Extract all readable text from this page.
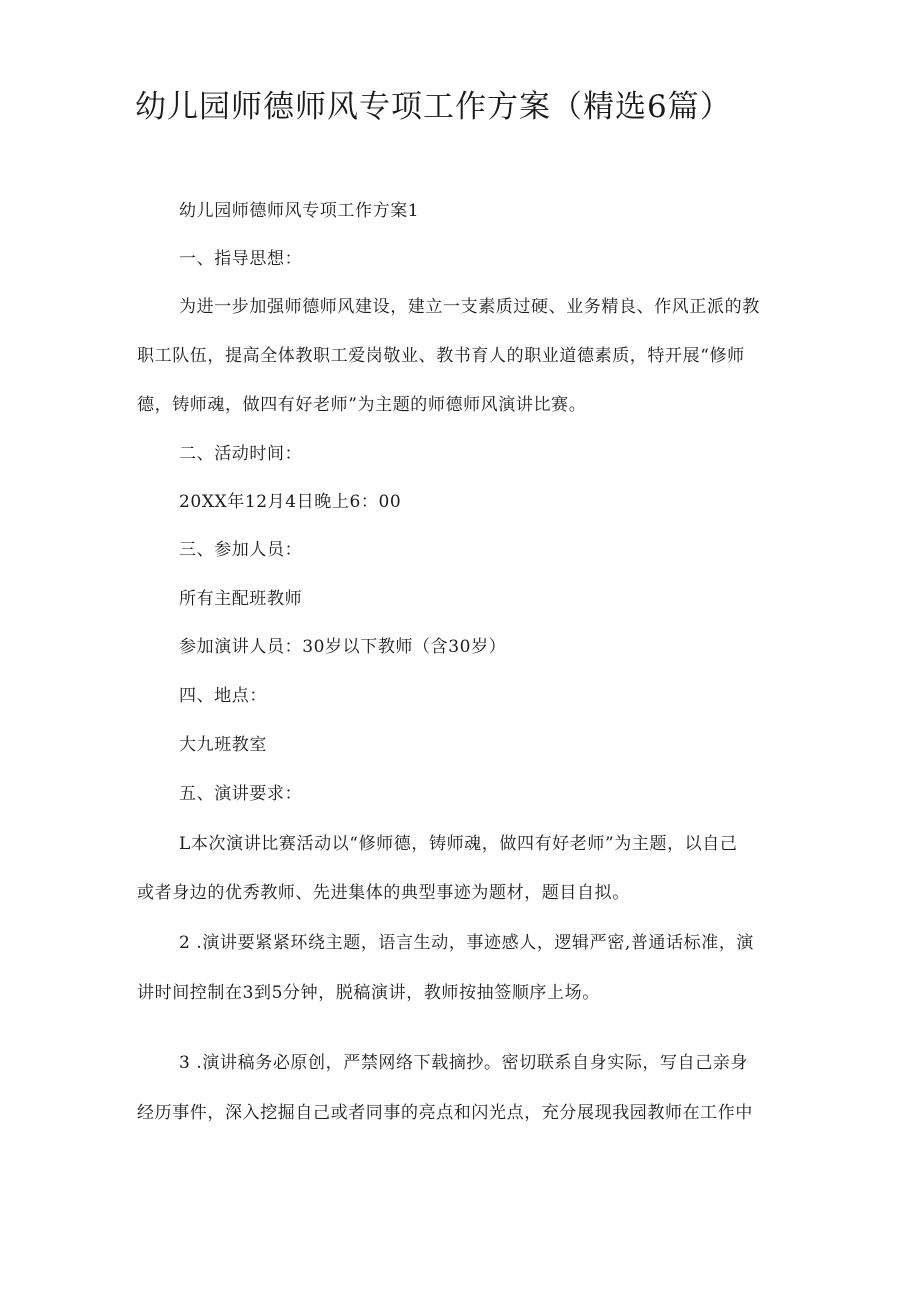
幼儿园师德师风专项工作方案（精选6篇）

幼儿园师德师风专项工作方案1

一、指导思想：

为进一步加强师德师风建设，建立一支素质过硬、业务精良、作风正派的教

职工队伍，提高全体教职工爱岗敬业、教书育人的职业道德素质，特开展“修师

德，铸师魂，做四有好老师”为主题的师德师风演讲比赛。

二、活动时间：

20XX年12月4日晚上6：00

三、参加人员：

所有主配班教师

参加演讲人员：30岁以下教师（含30岁）

四、地点：

大九班教室

五、演讲要求：

L本次演讲比赛活动以“修师德，铸师魂，做四有好老师”为主题，以自己

或者身边的优秀教师、先进集体的典型事迹为题材，题目自拟。

2 .演讲要紧紧环绕主题，语言生动，事迹感人，逻辑严密,普通话标准，演

讲时间控制在3到5分钟，脱稿演讲，教师按抽签顺序上场。

3 .演讲稿务必原创，严禁网络下载摘抄。密切联系自身实际，写自己亲身

经历事件，深入挖掘自己或者同事的亮点和闪光点，充分展现我园教师在工作中
